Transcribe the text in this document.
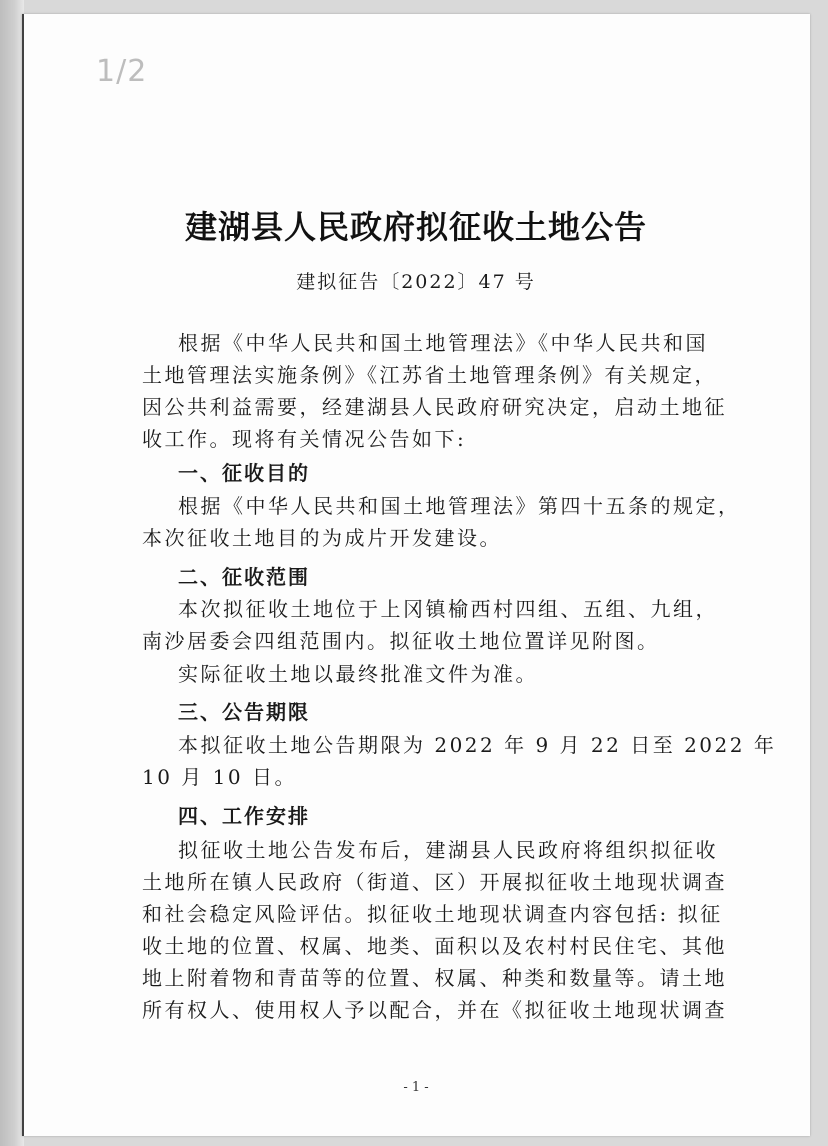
1/2
建湖县人民政府拟征收土地公告
建拟征告〔2022〕47 号
根据《中华人民共和国土地管理法》《中华人民共和国
土地管理法实施条例》《江苏省土地管理条例》有关规定，
因公共利益需要，经建湖县人民政府研究决定，启动土地征
收工作。现将有关情况公告如下:
一、征收目的
根据《中华人民共和国土地管理法》第四十五条的规定，
本次征收土地目的为成片开发建设。
二、征收范围
本次拟征收土地位于上冈镇榆西村四组、五组、九组，
南沙居委会四组范围内。拟征收土地位置详见附图。
实际征收土地以最终批准文件为准。
三、公告期限
本拟征收土地公告期限为 2022 年 9 月 22 日至 2022 年
10 月 10 日。
四、工作安排
拟征收土地公告发布后，建湖县人民政府将组织拟征收
土地所在镇人民政府（街道、区）开展拟征收土地现状调查
和社会稳定风险评估。拟征收土地现状调查内容包括: 拟征
收土地的位置、权属、地类、面积以及农村村民住宅、其他
地上附着物和青苗等的位置、权属、种类和数量等。请土地
所有权人、使用权人予以配合，并在《拟征收土地现状调查
- 1 -
